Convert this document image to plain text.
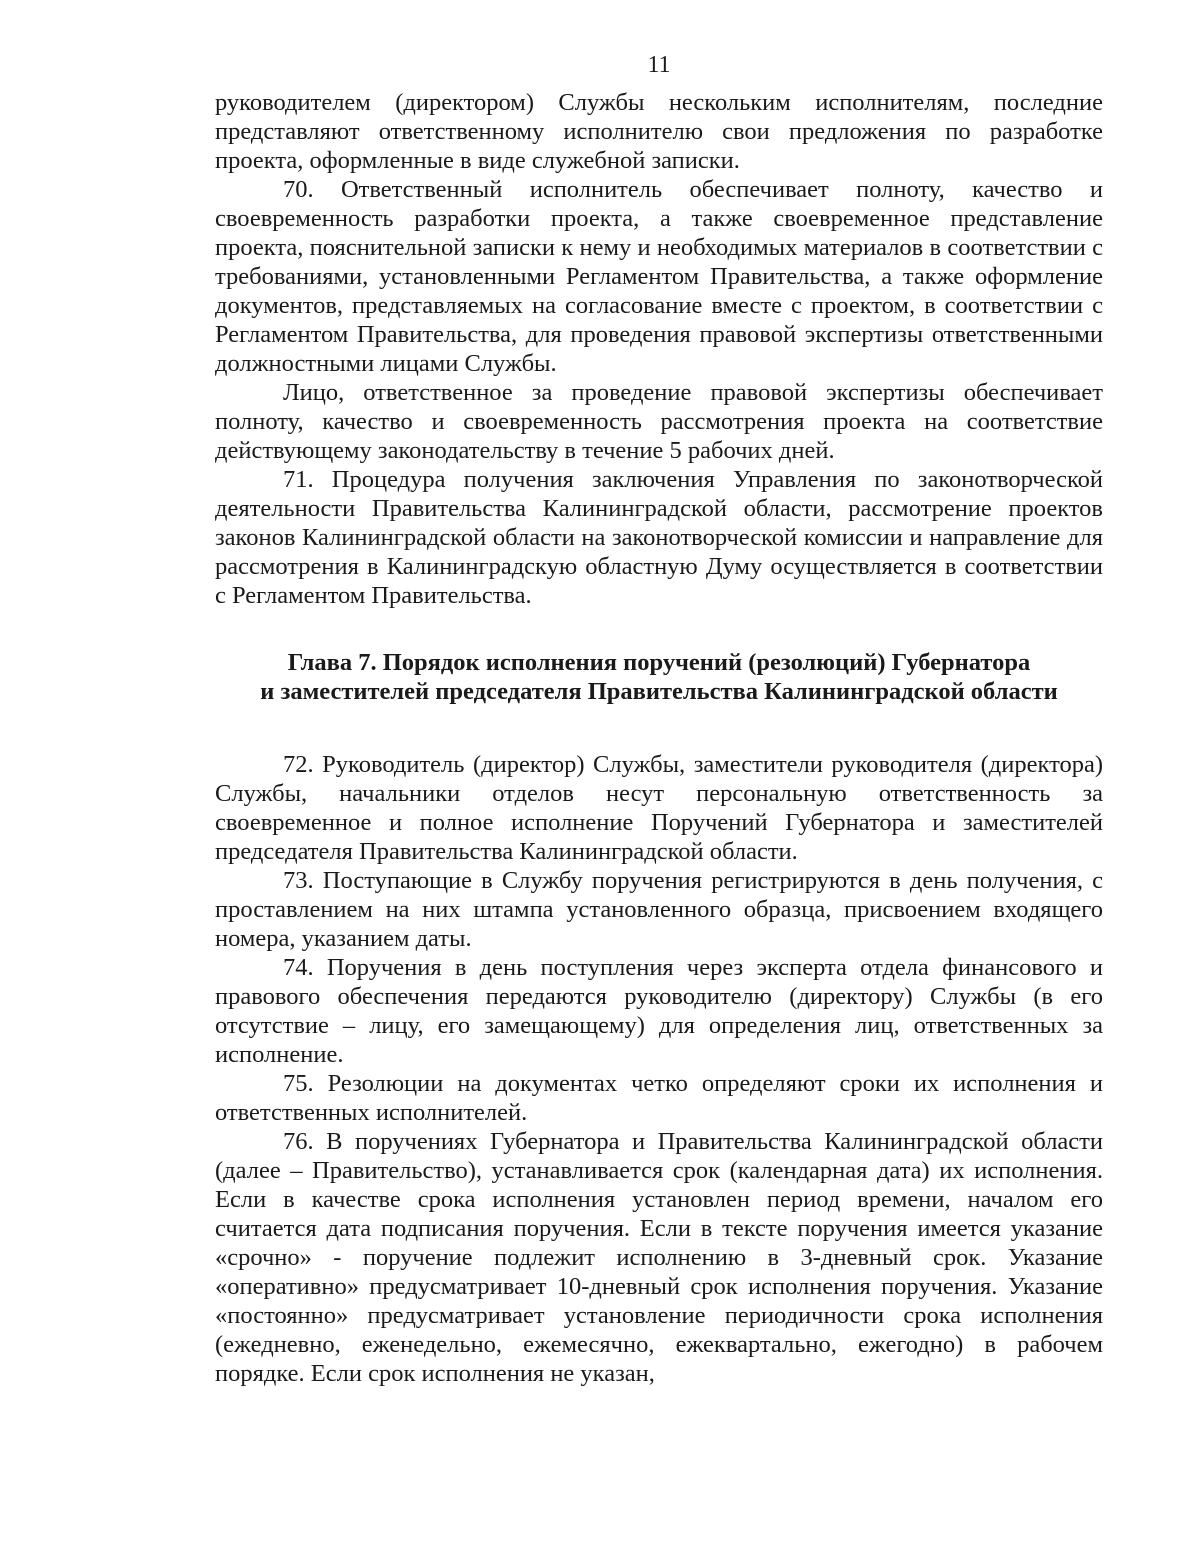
11

руководителем (директором) Службы нескольким исполнителям, последние представляют ответственному исполнителю свои предложения по разработке проекта, оформленные в виде служебной записки.

70. Ответственный исполнитель обеспечивает полноту, качество и своевременность разработки проекта, а также своевременное представление проекта, пояснительной записки к нему и необходимых материалов в соответствии с требованиями, установленными Регламентом Правительства, а также оформление документов, представляемых на согласование вместе с проектом, в соответствии с Регламентом Правительства, для проведения правовой экспертизы ответственными должностными лицами Службы.

Лицо, ответственное за проведение правовой экспертизы обеспечивает полноту, качество и своевременность рассмотрения проекта на соответствие действующему законодательству в течение 5 рабочих дней.

71. Процедура получения заключения Управления по законотворческой деятельности Правительства Калининградской области, рассмотрение проектов законов Калининградской области на законотворческой комиссии и направление для рассмотрения в Калининградскую областную Думу осуществляется в соответствии с Регламентом Правительства.

Глава 7. Порядок исполнения поручений (резолюций) Губернатора
и заместителей председателя Правительства Калининградской области

72. Руководитель (директор) Службы, заместители руководителя (директора) Службы, начальники отделов несут персональную ответственность за своевременное и полное исполнение Поручений Губернатора и заместителей председателя Правительства Калининградской области.

73. Поступающие в Службу поручения регистрируются в день получения, с проставлением на них штампа установленного образца, присвоением входящего номера, указанием даты.

74. Поручения в день поступления через эксперта отдела финансового и правового обеспечения передаются руководителю (директору) Службы (в его отсутствие – лицу, его замещающему) для определения лиц, ответственных за исполнение.

75. Резолюции на документах четко определяют сроки их исполнения и ответственных исполнителей.

76. В поручениях Губернатора и Правительства Калининградской области (далее – Правительство), устанавливается срок (календарная дата) их исполнения. Если в качестве срока исполнения установлен период времени, началом его считается дата подписания поручения. Если в тексте поручения имеется указание «срочно» - поручение подлежит исполнению в 3-дневный срок. Указание «оперативно» предусматривает 10-дневный срок исполнения поручения. Указание «постоянно» предусматривает установление периодичности срока исполнения (ежедневно, еженедельно, ежемесячно, ежеквартально, ежегодно) в рабочем порядке. Если срок исполнения не указан,
